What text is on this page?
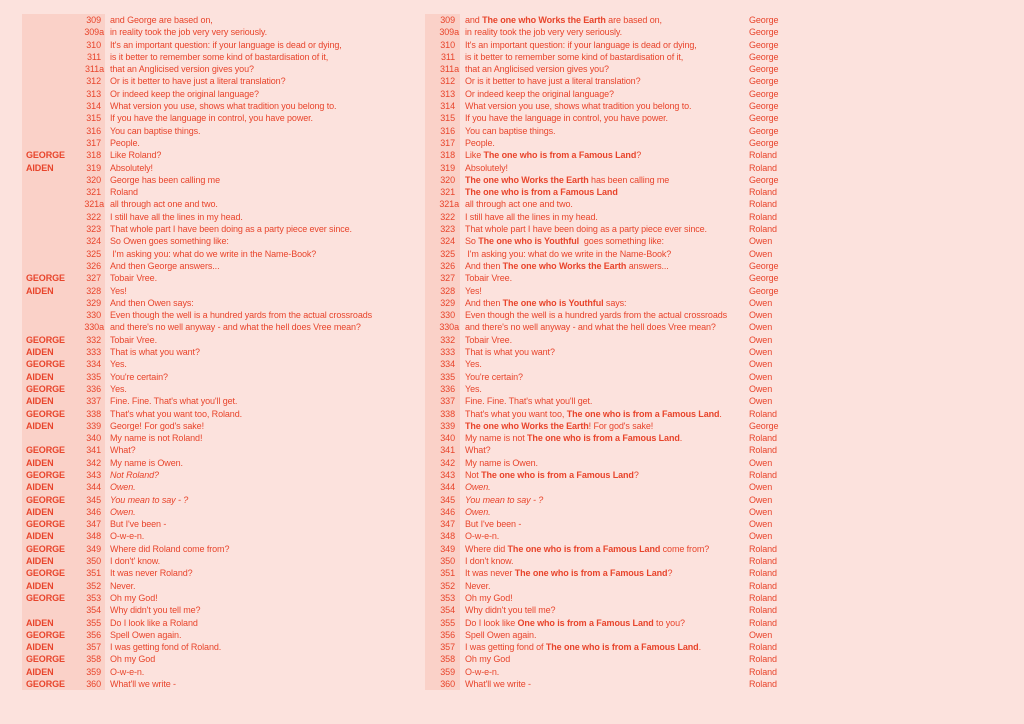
309	and George are based on,
309a in reality took the job very very seriously.
310	It's an important question: if your language is dead or dying,
311	is it better to remember some kind of bastardisation of it,
311a that an Anglicised version gives you?
312	Or is it better to have just a literal translation?
313	Or indeed keep the original language?
314	What version you use, shows what tradition you belong to.
315	If you have the language in control, you have power.
316	You can baptise things.
317	People.
GEORGE	318	Like Roland?
AIDEN	319	Absolutely!
320	George has been calling me
321	Roland
321a all through act one and two.
322	I still have all the lines in my head.
323	That whole part I have been doing as a party piece ever since.
324	So Owen goes something like:
325	I'm asking you: what do we write in the Name-Book?
326	And then George answers...
GEORGE	327	Tobair Vree.
AIDEN	328	Yes!
329	And then Owen says:
330	Even though the well is a hundred yards from the actual crossroads
330a and there's no well anyway - and what the hell does Vree mean?
GEORGE	332	Tobair Vree.
AIDEN	333	That is what you want?
GEORGE	334	Yes.
AIDEN	335	You're certain?
GEORGE	336	Yes.
AIDEN	337	Fine. Fine. That's what you'll get.
GEORGE	338	That's what you want too, Roland.
AIDEN	339	George! For god's sake!
340	My name is not Roland!
GEORGE	341	What?
AIDEN	342	My name is Owen.
GEORGE	343	Not Roland?
AIDEN	344	Owen.
GEORGE	345	You mean to say - ?
AIDEN	346	Owen.
GEORGE	347	But I've been -
AIDEN	348	O-w-e-n.
GEORGE	349	Where did Roland come from?
AIDEN	350	I don't' know.
GEORGE	351	It was never Roland?
AIDEN	352	Never.
GEORGE	353	Oh my God!
354	Why didn't you tell me?
AIDEN	355	Do I look like a Roland
GEORGE	356	Spell Owen again.
AIDEN	357	I was getting fond of Roland.
GEORGE	358	Oh my God
AIDEN	359	O-w-e-n.
GEORGE	360	What'll we write -
309	and The one who Works the Earth are based on,	George
309a in reality took the job very very seriously.	George
310	It's an important question: if your language is dead or dying,	George
311	is it better to remember some kind of bastardisation of it,	George
311a that an Anglicised version gives you?	George
312	Or is it better to have just a literal translation?	George
313	Or indeed keep the original language?	George
314	What version you use, shows what tradition you belong to.	George
315	If you have the language in control, you have power.	George
316	You can baptise things.	George
317	People.	George
318	Like The one who is from a Famous Land?	Roland
319	Absolutely!	Roland
320	The one who Works the Earth has been calling me	George
321	The one who is from a Famous Land	Roland
321a all through act one and two.	Roland
322	I still have all the lines in my head.	Roland
323	That whole part I have been doing as a party piece ever since.	Roland
324	So The one who is Youthful  goes something like:	Owen
325	I'm asking you: what do we write in the Name-Book?	Owen
326	And then The one who Works the Earth answers...	George
327	Tobair Vree.	George
328	Yes!	George
329	And then The one who is Youthful says:	Owen
330	Even though the well is a hundred yards from the actual crossroads	Owen
330a and there's no well anyway - and what the hell does Vree mean?	Owen
332	Tobair Vree.	Owen
333	That is what you want?	Owen
334	Yes.	Owen
335	You're certain?	Owen
336	Yes.	Owen
337	Fine. Fine. That's what you'll get.	Owen
338	That's what you want too, The one who is from a Famous Land.	Roland
339	The one who Works the Earth! For god's sake!	George
340	My name is not The one who is from a Famous Land.	Roland
341	What?	Roland
342	My name is Owen.	Owen
343	Not The one who is from a Famous Land?	Roland
344	Owen.	Owen
345	You mean to say - ?	Owen
346	Owen.	Owen
347	But I've been -	Owen
348	O-w-e-n.	Owen
349	Where did The one who is from a Famous Land come from?	Roland
350	I don't know.	Roland
351	It was never The one who is from a Famous Land?	Roland
352	Never.	Roland
353	Oh my God!	Roland
354	Why didn't you tell me?	Roland
355	Do I look like One who is from a Famous Land to you?	Roland
356	Spell Owen again.	Owen
357	I was getting fond of The one who is from a Famous Land.	Roland
358	Oh my God	Roland
359	O-w-e-n.	Roland
360	What'll we write -	Roland
